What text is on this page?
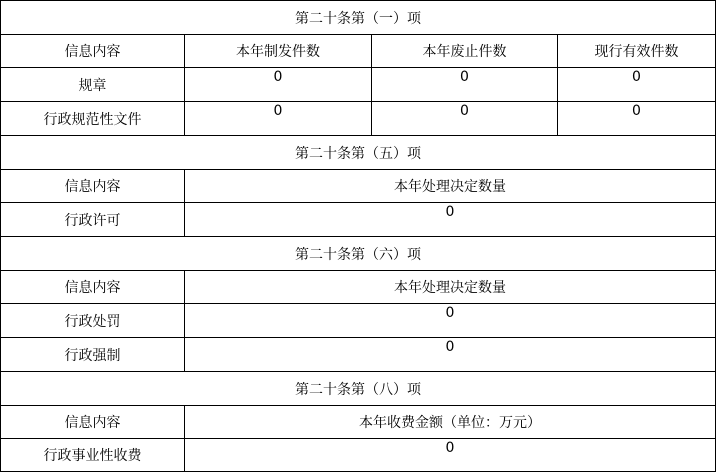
第二十条第（一）项			
信息内容	本年制发件数	本年废止件数	现行有效件数
规章	0	0	0
行政规范性文件	0	0	0
第二十条第（五）项			
信息内容	本年处理决定数量		
行政许可	0		
第二十条第（六）项			
信息内容	本年处理决定数量		
行政处罚	0		
行政强制	0		
第二十条第（八）项			
信息内容	本年收费金额（单位：万元）		
行政事业性收费	0		
